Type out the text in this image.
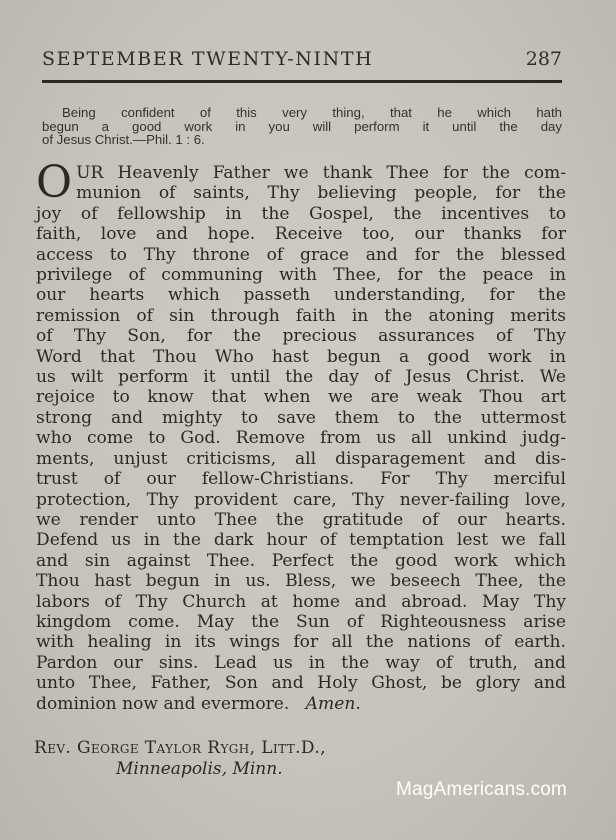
SEPTEMBER TWENTY-NINTH	287
Being confident of this very thing, that he which hath
begun a good work in you will perform it until the day
of Jesus Christ.—Phil. 1 : 6.
O UR Heavenly Father we thank Thee for the com-
munion of saints, Thy believing people, for the
joy of fellowship in the Gospel, the incentives to
faith, love and hope. Receive too, our thanks for
access to Thy throne of grace and for the blessed
privilege of communing with Thee, for the peace in
our hearts which passeth understanding, for the
remission of sin through faith in the atoning merits
of Thy Son, for the precious assurances of Thy
Word that Thou Who hast begun a good work in
us wilt perform it until the day of Jesus Christ. We
rejoice to know that when we are weak Thou art
strong and mighty to save them to the uttermost
who come to God. Remove from us all unkind judg-
ments, unjust criticisms, all disparagement and dis-
trust of our fellow-Christians. For Thy merciful
protection, Thy provident care, Thy never-failing love,
we render unto Thee the gratitude of our hearts.
Defend us in the dark hour of temptation lest we fall
and sin against Thee. Perfect the good work which
Thou hast begun in us. Bless, we beseech Thee, the
labors of Thy Church at home and abroad. May Thy
kingdom come. May the Sun of Righteousness arise
with healing in its wings for all the nations of earth.
Pardon our sins. Lead us in the way of truth, and
unto Thee, Father, Son and Holy Ghost, be glory and
dominion now and evermore. Amen.
Rev. George Taylor Rygh, Litt.D.,
Minneapolis, Minn.
MagAmericans.com
